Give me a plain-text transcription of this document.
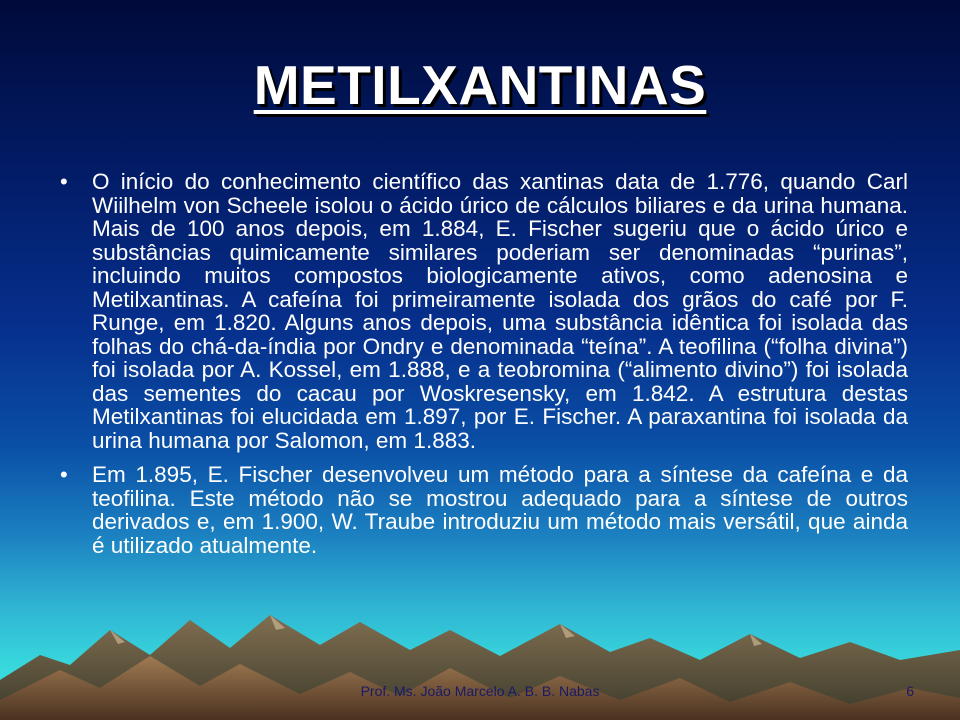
METILXANTINAS
• O início do conhecimento científico das xantinas data de 1.776, quando Carl Wiilhelm von Scheele isolou o ácido úrico de cálculos biliares e da urina humana. Mais de 100 anos depois, em 1.884, E. Fischer sugeriu que o ácido úrico e substâncias quimicamente similares poderiam ser denominadas “purinas”, incluindo muitos compostos biologicamente ativos, como adenosina e Metilxantinas. A cafeína foi primeiramente isolada dos grãos do café por F. Runge, em 1.820. Alguns anos depois, uma substância idêntica foi isolada das folhas do chá-da-índia por Ondry e denominada “teína”. A teofilina (“folha divina”) foi isolada por A. Kossel, em 1.888, e a teobromina (“alimento divino”) foi isolada das sementes do cacau por Woskresensky, em 1.842. A estrutura destas Metilxantinas foi elucidada em 1.897, por E. Fischer. A paraxantina foi isolada da urina humana por Salomon, em 1.883.
• Em 1.895, E. Fischer desenvolveu um método para a síntese da cafeína e da teofilina. Este método não se mostrou adequado para a síntese de outros derivados e, em 1.900, W. Traube introduziu um método mais versátil, que ainda é utilizado atualmente.
Prof. Ms. João Marcelo A. B. B. Nabas	6
